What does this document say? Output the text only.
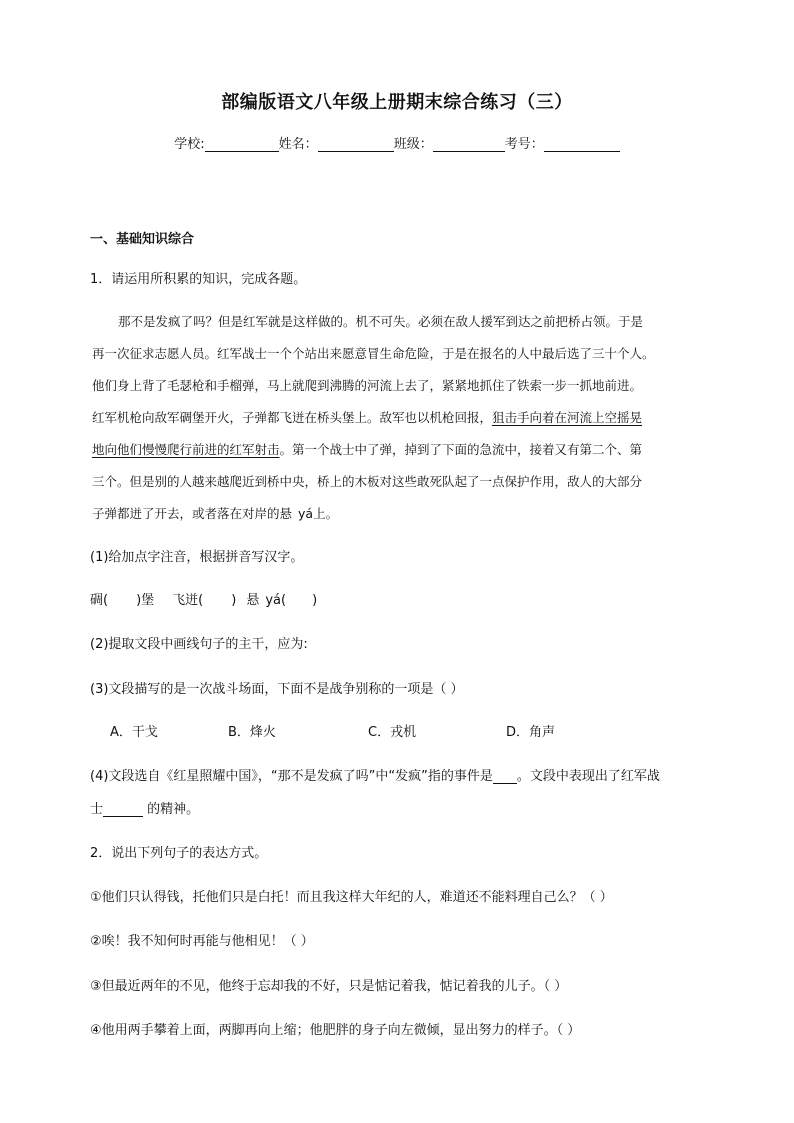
部编版语文八年级上册期末综合练习（三）
学校:	姓名：	班级：	考号：
一、基础知识综合
1．请运用所积累的知识，完成各题。
那不是发疯了吗？但是红军就是这样做的。机不可失。必须在敌人援军到达之前把桥占领。于是
再一次征求志愿人员。红军战士一个个站出来愿意冒生命危险，于是在报名的人中最后选了三十个人。
他们身上背了毛瑟枪和手榴弹，马上就爬到沸腾的河流上去了，紧紧地抓住了铁索一步一抓地前进。
红军机枪向敌军碉堡开火，子弹都飞迸在桥头堡上。敌军也以机枪回报，狙击手向着在河流上空摇晃
地向他们慢慢爬行前进的红军射击。第一个战士中了弹，掉到了下面的急流中，接着又有第二个、第
三个。但是别的人越来越爬近到桥中央，桥上的木板对这些敢死队起了一点保护作用，敌人的大部分
子弹都迸了开去，或者落在对岸的悬 yá上。
(1)给加点字注音，根据拼音写汉字。
碉( )堡 飞迸( ) 悬 yá( )
(2)提取文段中画线句子的主干，应为:
(3)文段描写的是一次战斗场面，下面不是战争别称的一项是（ ）
A．干戈	B．烽火	C．戎机	D．角声
(4)文段选自《红星照耀中国》，“那不是发疯了吗”中“发疯”指的事件是 。文段中表现出了红军战
士	的精神。
2．说出下列句子的表达方式。
①他们只认得钱，托他们只是白托！而且我这样大年纪的人，难道还不能料理自己么？（ ）
②唉！我不知何时再能与他相见！（ ）
③但最近两年的不见，他终于忘却我的不好，只是惦记着我，惦记着我的儿子。（ ）
④他用两手攀着上面，两脚再向上缩；他肥胖的身子向左微倾，显出努力的样子。（ ）
